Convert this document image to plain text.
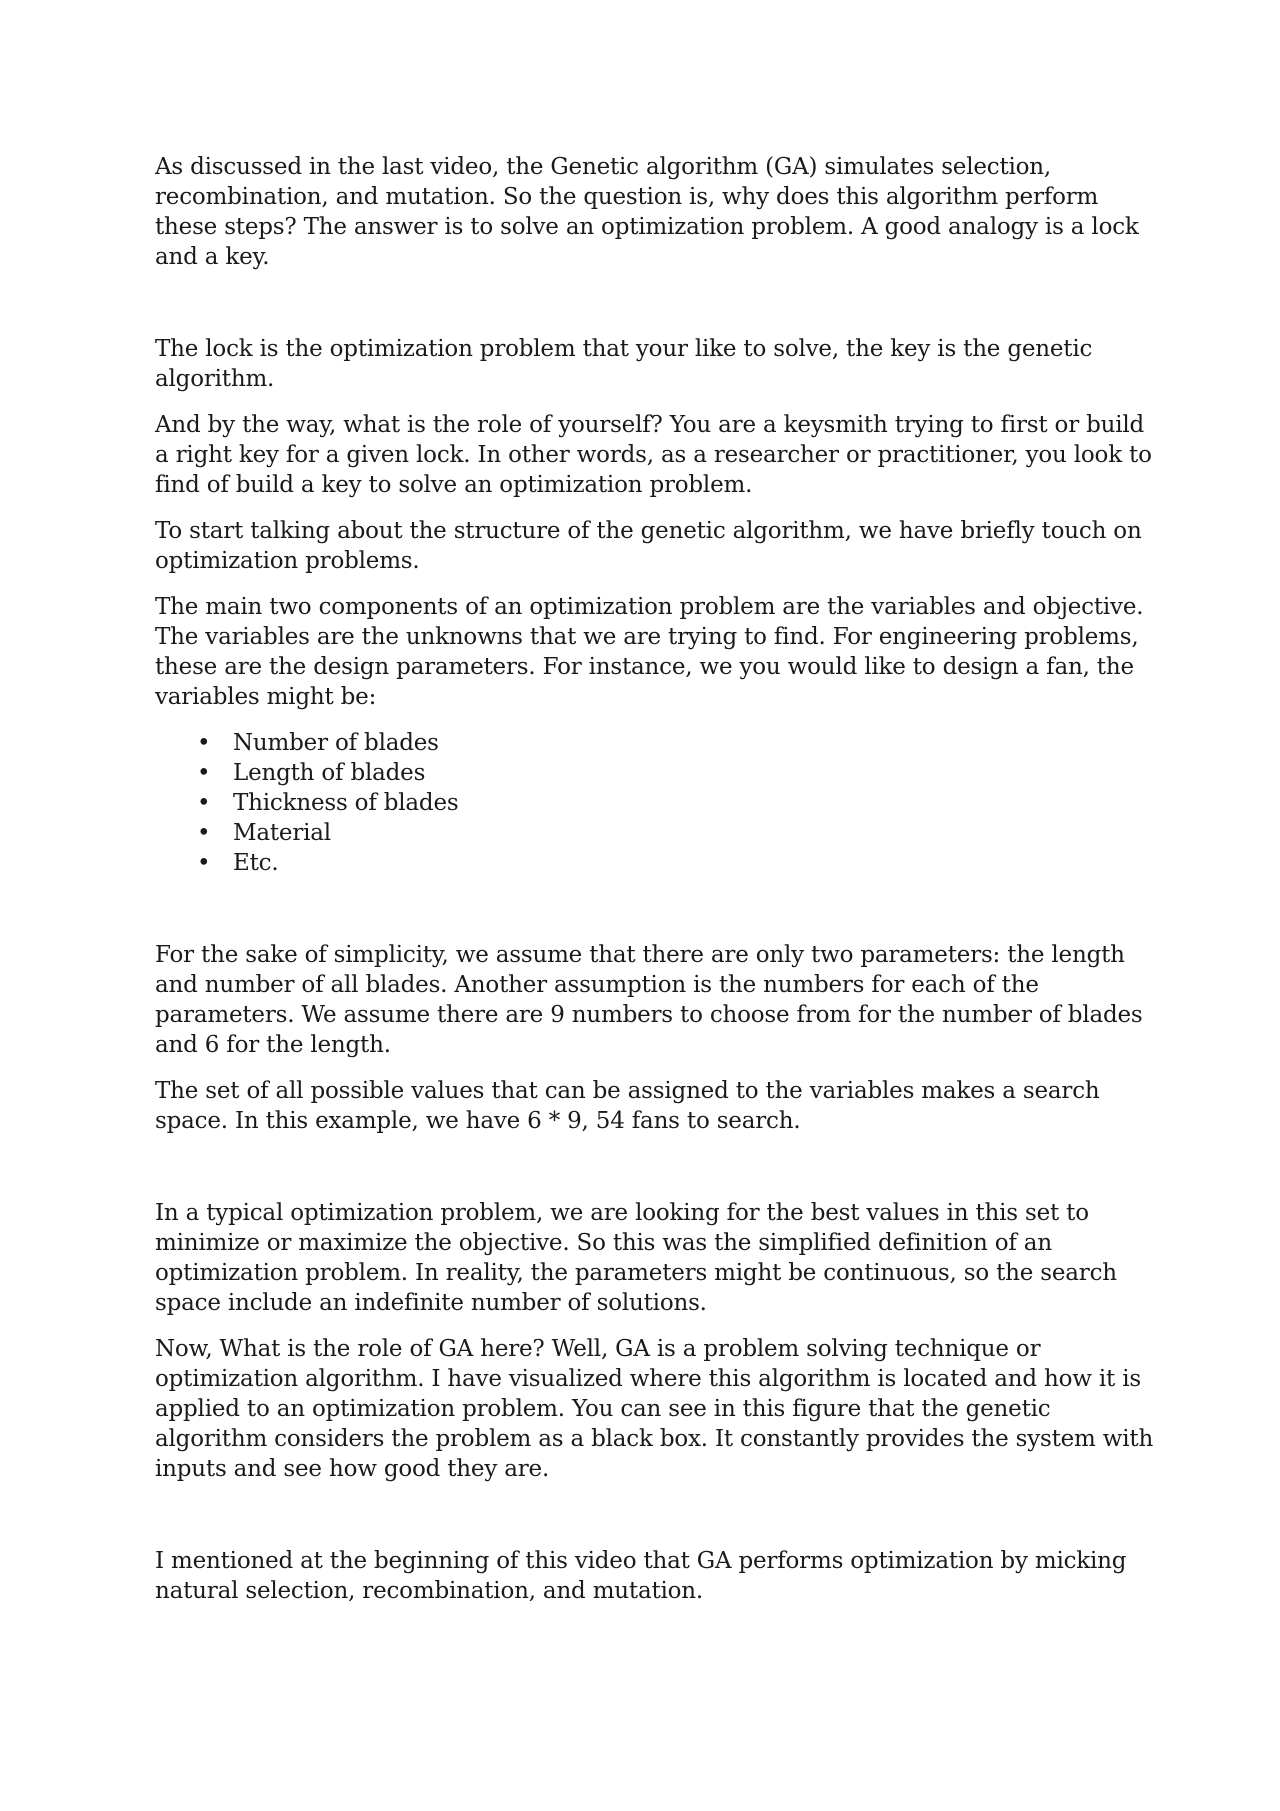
As discussed in the last video, the Genetic algorithm (GA) simulates selection, recombination, and mutation. So the question is, why does this algorithm perform these steps? The answer is to solve an optimization problem. A good analogy is a lock and a key.

The lock is the optimization problem that your like to solve, the key is the genetic algorithm.

And by the way, what is the role of yourself? You are a keysmith trying to first or build a right key for a given lock. In other words, as a researcher or practitioner, you look to find of build a key to solve an optimization problem.

To start talking about the structure of the genetic algorithm, we have briefly touch on optimization problems.

The main two components of an optimization problem are the variables and objective. The variables are the unknowns that we are trying to find. For engineering problems, these are the design parameters. For instance, we you would like to design a fan, the variables might be:

• Number of blades
• Length of blades
• Thickness of blades
• Material
• Etc.

For the sake of simplicity, we assume that there are only two parameters: the length and number of all blades. Another assumption is the numbers for each of the parameters. We assume there are 9 numbers to choose from for the number of blades and 6 for the length.

The set of all possible values that can be assigned to the variables makes a search space. In this example, we have 6 * 9, 54 fans to search.

In a typical optimization problem, we are looking for the best values in this set to minimize or maximize the objective. So this was the simplified definition of an optimization problem. In reality, the parameters might be continuous, so the search space include an indefinite number of solutions.

Now, What is the role of GA here? Well, GA is a problem solving technique or optimization algorithm. I have visualized where this algorithm is located and how it is applied to an optimization problem. You can see in this figure that the genetic algorithm considers the problem as a black box. It constantly provides the system with inputs and see how good they are.

I mentioned at the beginning of this video that GA performs optimization by micking natural selection, recombination, and mutation.
